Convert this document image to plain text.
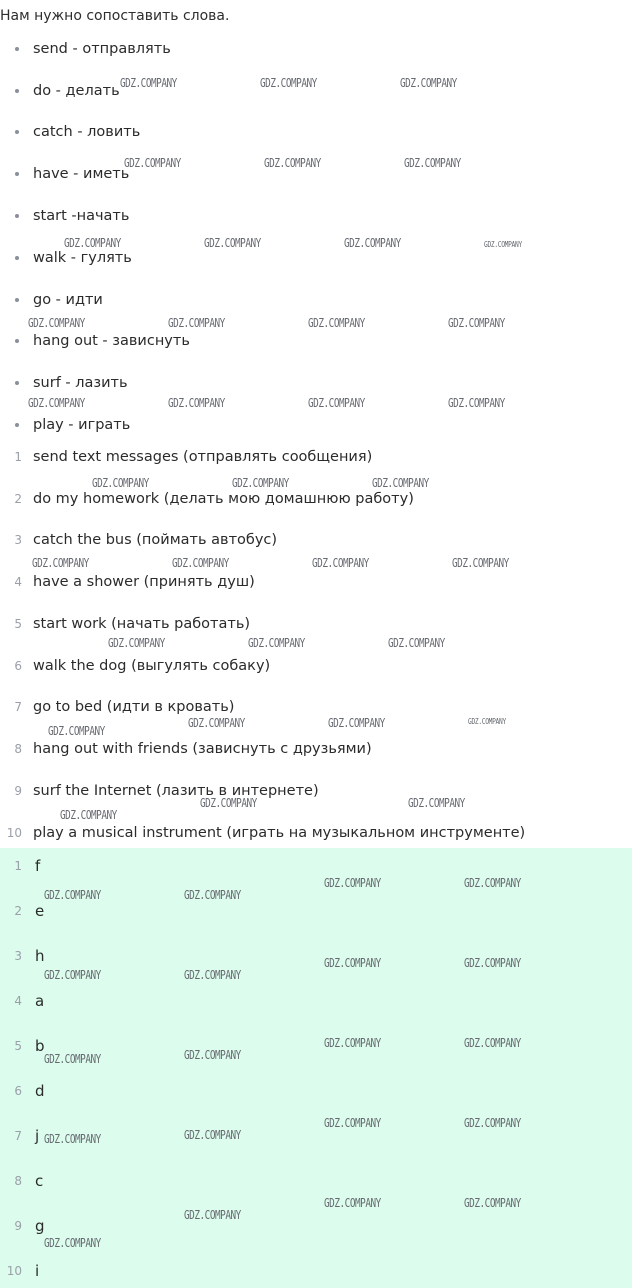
Нам нужно сопоставить слова.
send - отправлять
do - делать
catch - ловить
have - иметь
start -начать
walk - гулять
go - идти
hang out - зависнуть
surf - лазить
play - играть
1 send text messages (отправлять сообщения)
2 do my homework (делать мою домашнюю работу)
3 catch the bus (поймать автобус)
4 have a shower (принять душ)
5 start work (начать работать)
6 walk the dog (выгулять собаку)
7 go to bed (идти в кровать)
8 hang out with friends (зависнуть с друзьями)
9 surf the Internet (лазить в интернете)
10 play a musical instrument (играть на музыкальном инструменте)
1 f
2 e
3 h
4 a
5 b
6 d
7 j
8 c
9 g
10 i
GDZ.COMPANY	GDZ.COMPANY	GDZ.COMPANY
GDZ.COMPANY	GDZ.COMPANY	GDZ.COMPANY
GDZ.COMPANY	GDZ.COMPANY	GDZ.COMPANY	GDZ.COMPANY
GDZ.COMPANY	GDZ.COMPANY	GDZ.COMPANY	GDZ.COMPANY
GDZ.COMPANY	GDZ.COMPANY	GDZ.COMPANY	GDZ.COMPANY
GDZ.COMPANY	GDZ.COMPANY	GDZ.COMPANY
GDZ.COMPANY	GDZ.COMPANY	GDZ.COMPANY	GDZ.COMPANY
GDZ.COMPANY	GDZ.COMPANY	GDZ.COMPANY
GDZ.COMPANY	GDZ.COMPANY	GDZ.COMPANY
GDZ.COMPANY
GDZ.COMPANY	GDZ.COMPANY
GDZ.COMPANY
GDZ.COMPANY	GDZ.COMPANY
GDZ.COMPANY	GDZ.COMPANY
GDZ.COMPANY	GDZ.COMPANY
GDZ.COMPANY	GDZ.COMPANY
GDZ.COMPANY	GDZ.COMPANY
GDZ.COMPANY
GDZ.COMPANY
GDZ.COMPANY	GDZ.COMPANY
GDZ.COMPANY
GDZ.COMPANY
GDZ.COMPANY	GDZ.COMPANY
GDZ.COMPANY
GDZ.COMPANY
